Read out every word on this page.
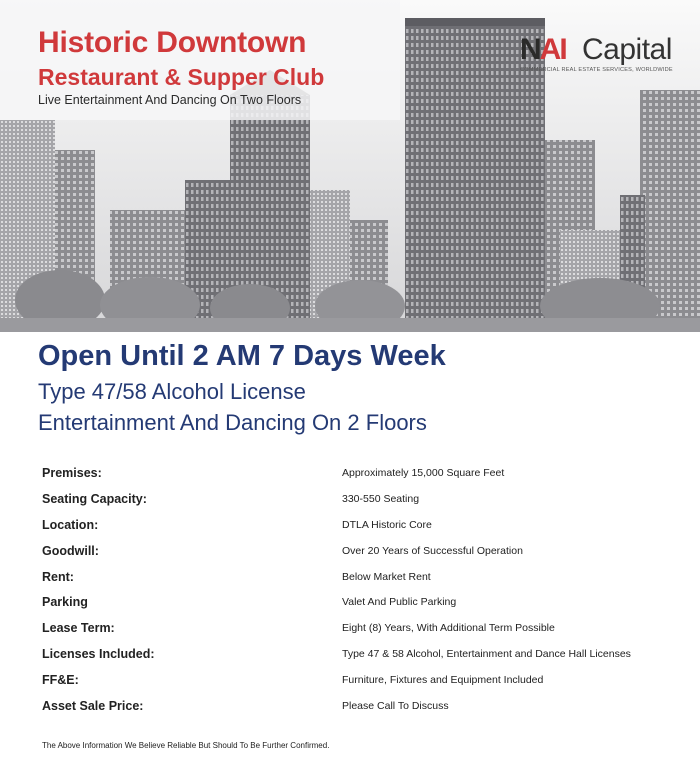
Historic Downtown
Restaurant & Supper Club
Live Entertainment And Dancing On Two Floors
NAI Capital
COMMERCIAL REAL ESTATE SERVICES, WORLDWIDE
Open Until 2 AM 7 Days Week
Type 47/58 Alcohol License
Entertainment And Dancing On 2 Floors
Premises:	Approximately 15,000 Square Feet
Seating Capacity:	330-550 Seating
Location:	DTLA Historic Core
Goodwill:	Over 20 Years of Successful Operation
Rent:	Below Market Rent
Parking	Valet And Public Parking
Lease Term:	Eight (8) Years, With Additional Term Possible
Licenses Included:	Type 47 & 58 Alcohol, Entertainment and Dance Hall Licenses
FF&E:	Furniture, Fixtures and Equipment Included
Asset Sale Price:	Please Call To Discuss
The Above Information We Believe Reliable But Should To Be Further Confirmed.
